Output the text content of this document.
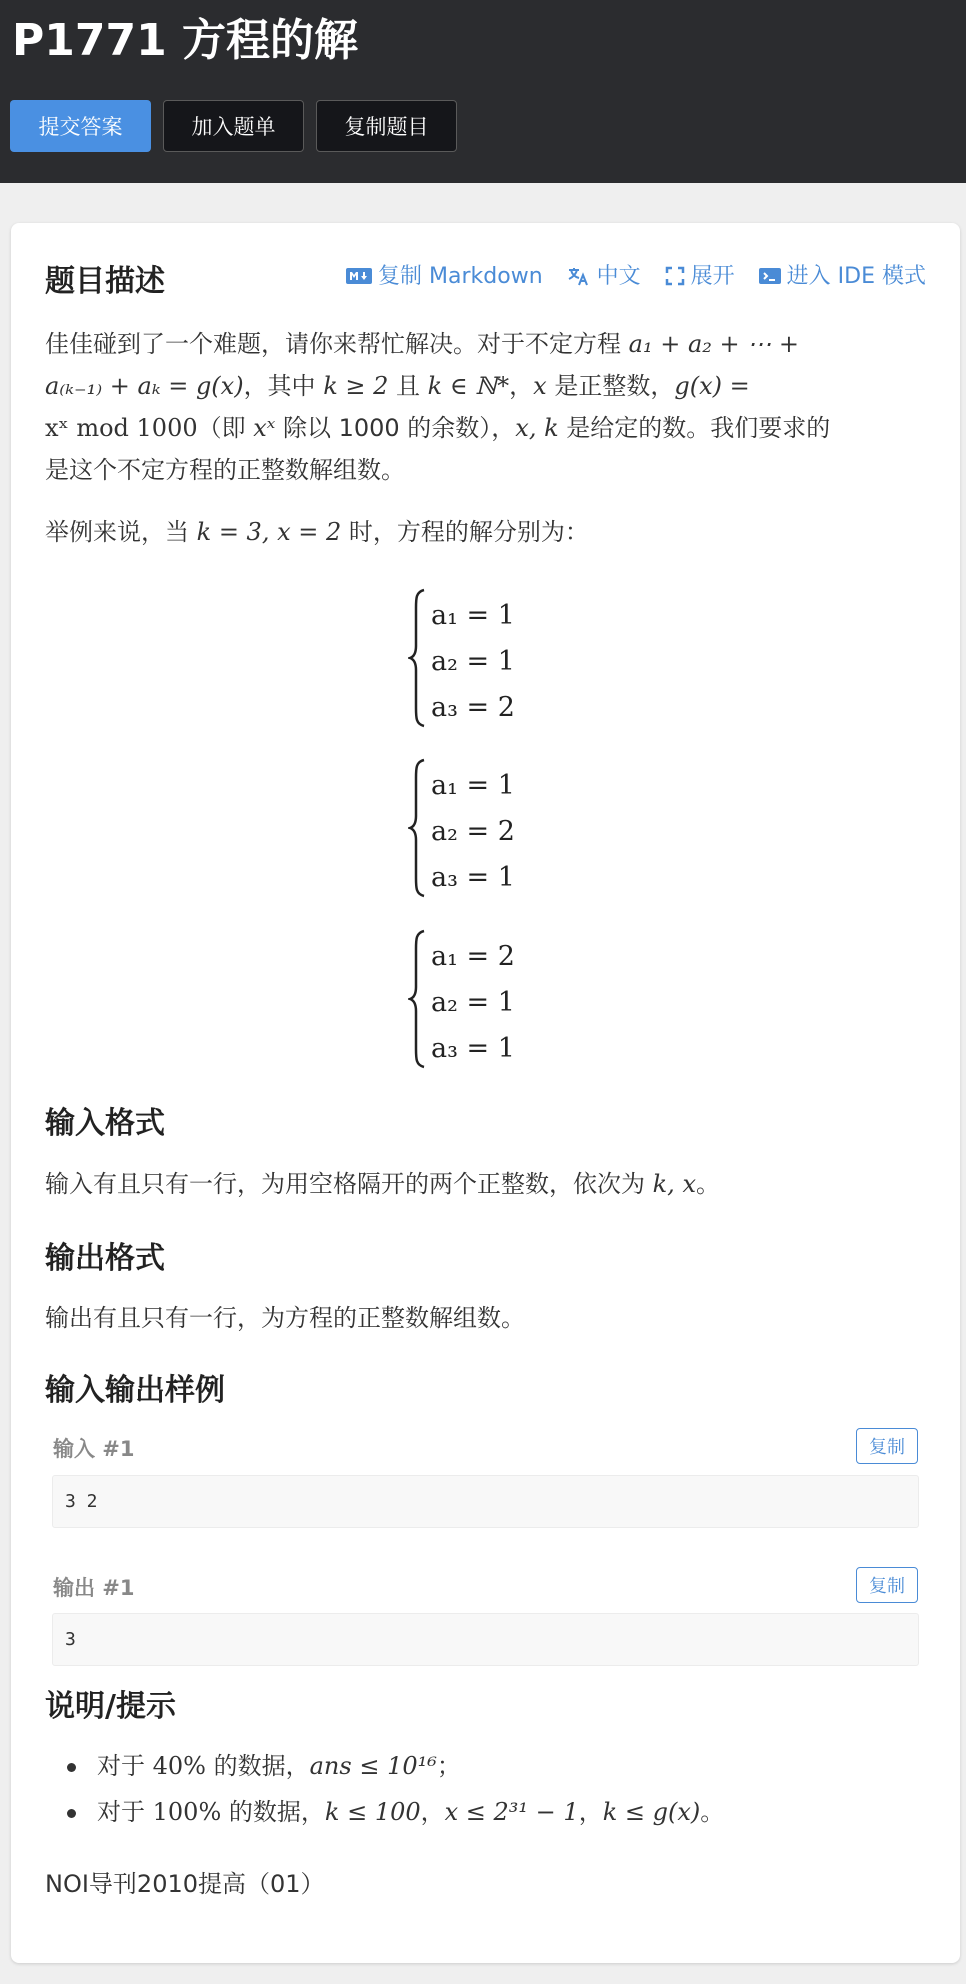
P1771 方程的解
提交答案	加入题单	复制题目
题目描述	复制 Markdown 中文 展开 进入 IDE 模式

佳佳碰到了一个难题，请你来帮忙解决。对于不定方程 a₁ + a₂ + ⋯ +
a₍ₖ₋₁₎ + aₖ = g(x)，其中 k ≥ 2 且 k ∈ ℕ*，x 是正整数，g(x) =
xˣ mod 1000（即 xˣ 除以 1000 的余数），x, k 是给定的数。我们要求的
是这个不定方程的正整数解组数。

举例来说，当 k = 3, x = 2 时，方程的解分别为：

a₁ = 1
a₂ = 1
a₃ = 2
a₁ = 1
a₂ = 2
a₃ = 1
a₁ = 2
a₂ = 1
a₃ = 1
输入格式

输入有且只有一行，为用空格隔开的两个正整数，依次为 k, x。

输出格式

输出有且只有一行，为方程的正整数解组数。

输入输出样例
输入 #1	复制
3 2
输出 #1	复制
3
说明/提示
对于 40% 的数据，ans ≤ 10¹⁶；
对于 100% 的数据，k ≤ 100，x ≤ 2³¹ − 1，k ≤ g(x)。

NOI导刊2010提高（01）
